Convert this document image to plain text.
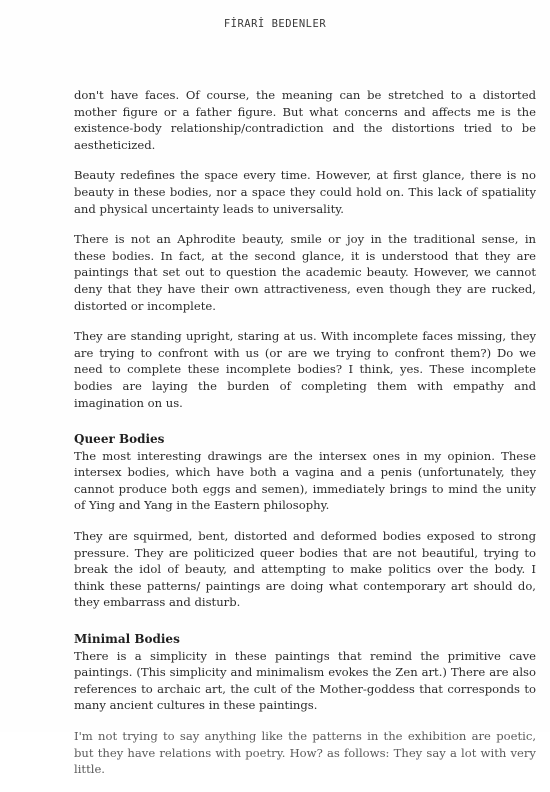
FİRARİ BEDENLER

don't have faces. Of course, the meaning can be stretched to a distorted mother figure or a father figure. But what concerns and affects me is the existence-body relationship/contradiction and the distortions tried to be aestheticized.

Beauty redefines the space every time. However, at first glance, there is no beauty in these bodies, nor a space they could hold on. This lack of spatiality and physical uncertainty leads to universality.

There is not an Aphrodite beauty, smile or joy in the traditional sense, in these bodies. In fact, at the second glance, it is understood that they are paintings that set out to question the academic beauty. However, we cannot deny that they have their own attractiveness, even though they are rucked, distorted or incomplete.

They are standing upright, staring at us. With incomplete faces missing, they are trying to confront with us (or are we trying to confront them?) Do we need to complete these incomplete bodies? I think, yes. These incomplete bodies are laying the burden of completing them with empathy and imagination on us.

Queer Bodies

The most interesting drawings are the intersex ones in my opinion. These intersex bodies, which have both a vagina and a penis (unfortunately, they cannot produce both eggs and semen), immediately brings to mind the unity of Ying and Yang in the Eastern philosophy.

They are squirmed, bent, distorted and deformed bodies exposed to strong pressure. They are politicized queer bodies that are not beautiful, trying to break the idol of beauty, and attempting to make politics over the body. I think these patterns/ paintings are doing what contemporary art should do, they embarrass and disturb.

Minimal Bodies

There is a simplicity in these paintings that remind the primitive cave paintings. (This simplicity and minimalism evokes the Zen art.) There are also references to archaic art, the cult of the Mother-goddess that corresponds to many ancient cultures in these paintings.

I'm not trying to say anything like the patterns in the exhibition are poetic, but they have relations with poetry. How? as follows: They say a lot with very little.
